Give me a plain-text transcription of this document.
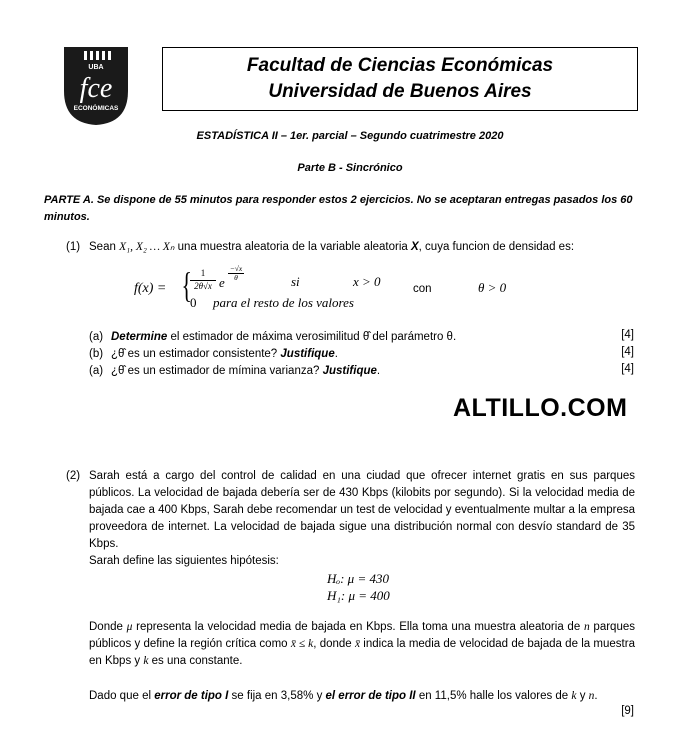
UBA
fce
ECONÓMICAS
Facultad de Ciencias Económicas
Universidad de Buenos Aires
ESTADÍSTICA II – 1er. parcial – Segundo cuatrimestre 2020
Parte B - Sincrónico
PARTE A. Se dispone de 55 minutos para responder estos 2 ejercicios. No se aceptaran entregas pasados los 60 minutos.
(1) Sean X₁, X₂ … Xₙ una muestra aleatoria de la variable aleatoria X, cuya funcion de densidad es:
f(x) = { 1
2θ√x e
−√x
θ	si	x > 0
0 para el resto de los valores
con	θ > 0
(a) Determine el estimador de máxima verosimilitud θ̂ del parámetro θ.	[4]
(b) ¿θ̂ es un estimador consistente? Justifique.	[4]
(a) ¿θ̂ es un estimador de mímina varianza? Justifique.	[4]
ALTILLO.COM
(2) Sarah está a cargo del control de calidad en una ciudad que ofrecer internet gratis en sus parques públicos. La velocidad de bajada debería ser de 430 Kbps (kilobits por segundo). Si la velocidad media de bajada cae a 400 Kbps, Sarah debe recomendar un test de velocidad y eventualmente multar a la empresa proveedora de internet. La velocidad de bajada sigue una distribución normal con desvío standard de 35 Kbps.
Sarah define las siguientes hipótesis:
Hₒ: μ = 430
H₁: μ = 400
Donde μ representa la velocidad media de bajada en Kbps. Ella toma una muestra aleatoria de n parques públicos y define la región crítica como x̄ ≤ k, donde x̄ indica la media de velocidad de bajada de la muestra en Kbps y k es una constante.
Dado que el error de tipo I se fija en 3,58% y el error de tipo II en 11,5% halle los valores de k y n.
[9]
